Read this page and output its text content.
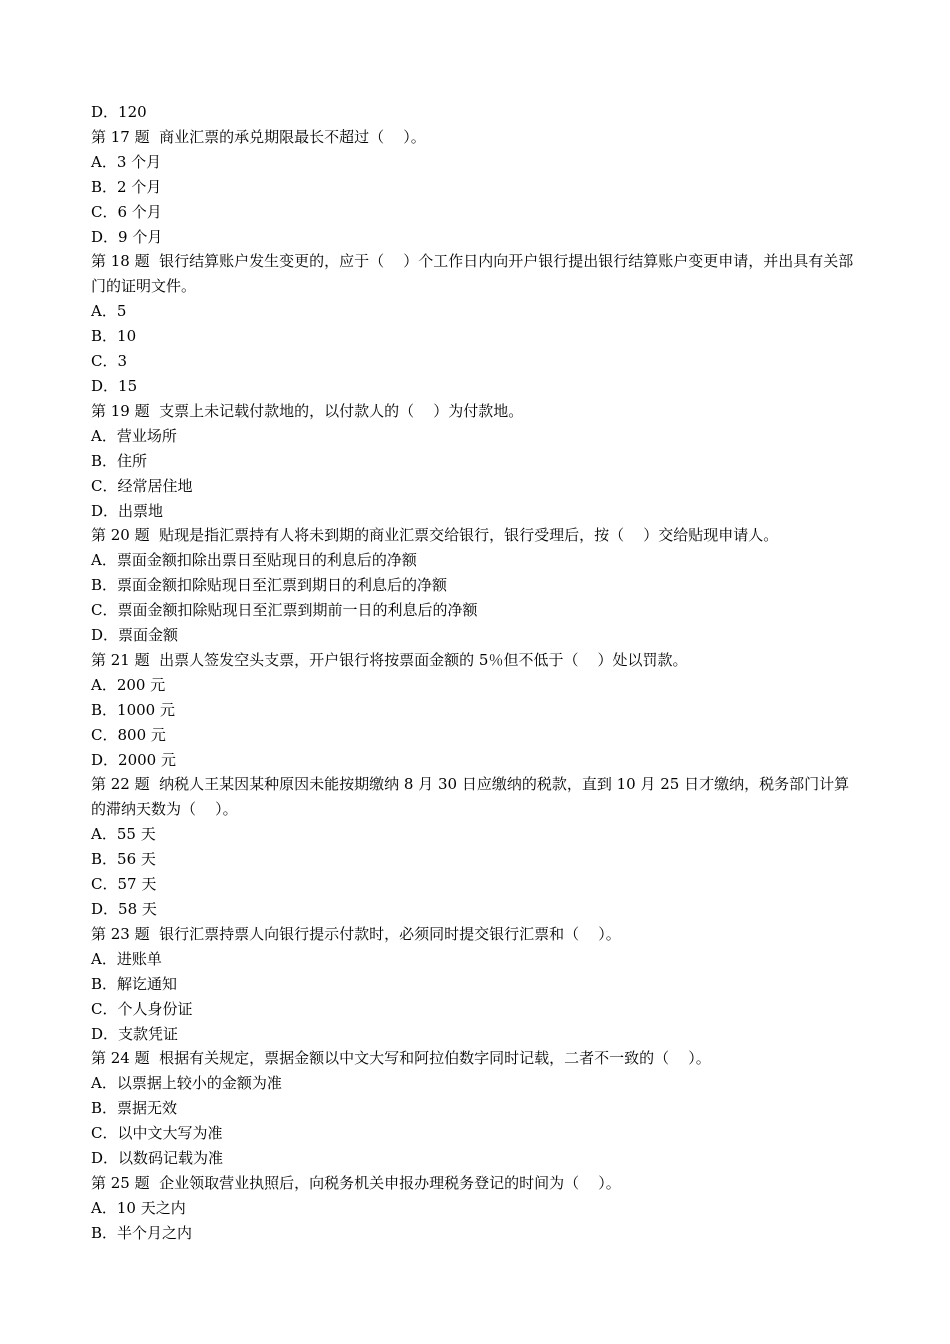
D．120

第 17 题  商业汇票的承兑期限最长不超过（    ）。

A．3 个月

B．2 个月

C．6 个月

D．9 个月

第 18 题  银行结算账户发生变更的，应于（    ）个工作日内向开户银行提出银行结算账户变更申请，并出具有关部门的证明文件。

A．5

B．10

C．3

D．15

第 19 题  支票上未记载付款地的，以付款人的（    ）为付款地。

A．营业场所

B．住所

C．经常居住地

D．出票地

第 20 题  贴现是指汇票持有人将未到期的商业汇票交给银行，银行受理后，按（    ）交给贴现申请人。

A．票面金额扣除出票日至贴现日的利息后的净额

B．票面金额扣除贴现日至汇票到期日的利息后的净额

C．票面金额扣除贴现日至汇票到期前一日的利息后的净额

D．票面金额

第 21 题  出票人签发空头支票，开户银行将按票面金额的 5％但不低于（    ）处以罚款。

A．200 元

B．1000 元

C．800 元

D．2000 元

第 22 题  纳税人王某因某种原因未能按期缴纳 8 月 30 日应缴纳的税款，直到 10 月 25 日才缴纳，税务部门计算的滞纳天数为（    ）。

A．55 天

B．56 天

C．57 天

D．58 天

第 23 题  银行汇票持票人向银行提示付款时，必须同时提交银行汇票和（    ）。

A．进账单

B．解讫通知

C．个人身份证

D．支款凭证

第 24 题  根据有关规定，票据金额以中文大写和阿拉伯数字同时记载，二者不一致的（    ）。

A．以票据上较小的金额为准

B．票据无效

C．以中文大写为准

D．以数码记载为准

第 25 题  企业领取营业执照后，向税务机关申报办理税务登记的时间为（    ）。

A．10 天之内

B．半个月之内
